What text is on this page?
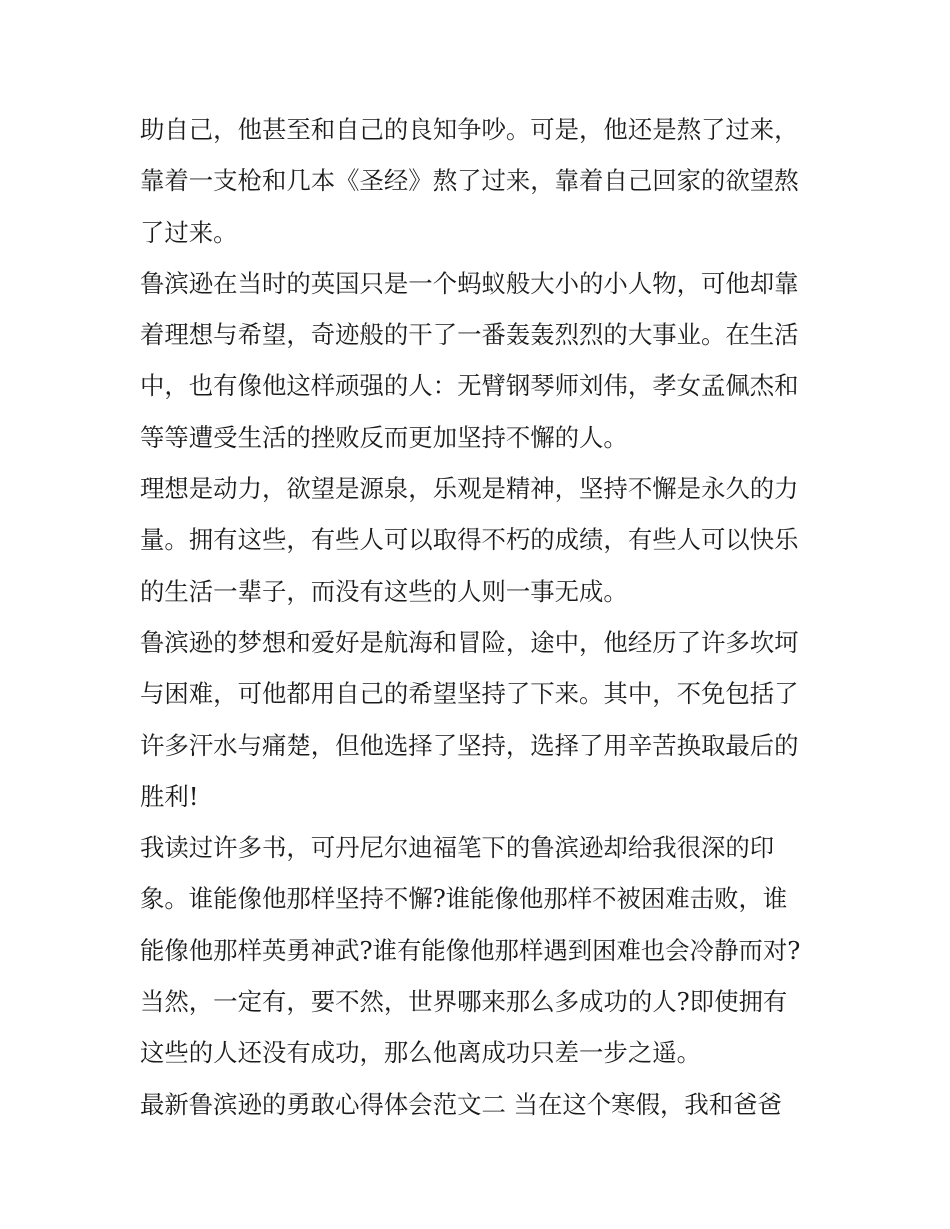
助自己，他甚至和自己的良知争吵。可是，他还是熬了过来，
靠着一支枪和几本《圣经》熬了过来，靠着自己回家的欲望熬
了过来。
鲁滨逊在当时的英国只是一个蚂蚁般大小的小人物，可他却靠
着理想与希望，奇迹般的干了一番轰轰烈烈的大事业。在生活
中，也有像他这样顽强的人：无臂钢琴师刘伟，孝女孟佩杰和
等等遭受生活的挫败反而更加坚持不懈的人。
理想是动力，欲望是源泉，乐观是精神，坚持不懈是永久的力
量。拥有这些，有些人可以取得不朽的成绩，有些人可以快乐
的生活一辈子，而没有这些的人则一事无成。
鲁滨逊的梦想和爱好是航海和冒险，途中，他经历了许多坎坷
与困难，可他都用自己的希望坚持了下来。其中，不免包括了
许多汗水与痛楚，但他选择了坚持，选择了用辛苦换取最后的
胜利!
我读过许多书，可丹尼尔迪福笔下的鲁滨逊却给我很深的印
象。谁能像他那样坚持不懈?谁能像他那样不被困难击败，谁
能像他那样英勇神武?谁有能像他那样遇到困难也会冷静而对?
当然，一定有，要不然，世界哪来那么多成功的人?即使拥有
这些的人还没有成功，那么他离成功只差一步之遥。
最新鲁滨逊的勇敢心得体会范文二 当在这个寒假，我和爸爸
